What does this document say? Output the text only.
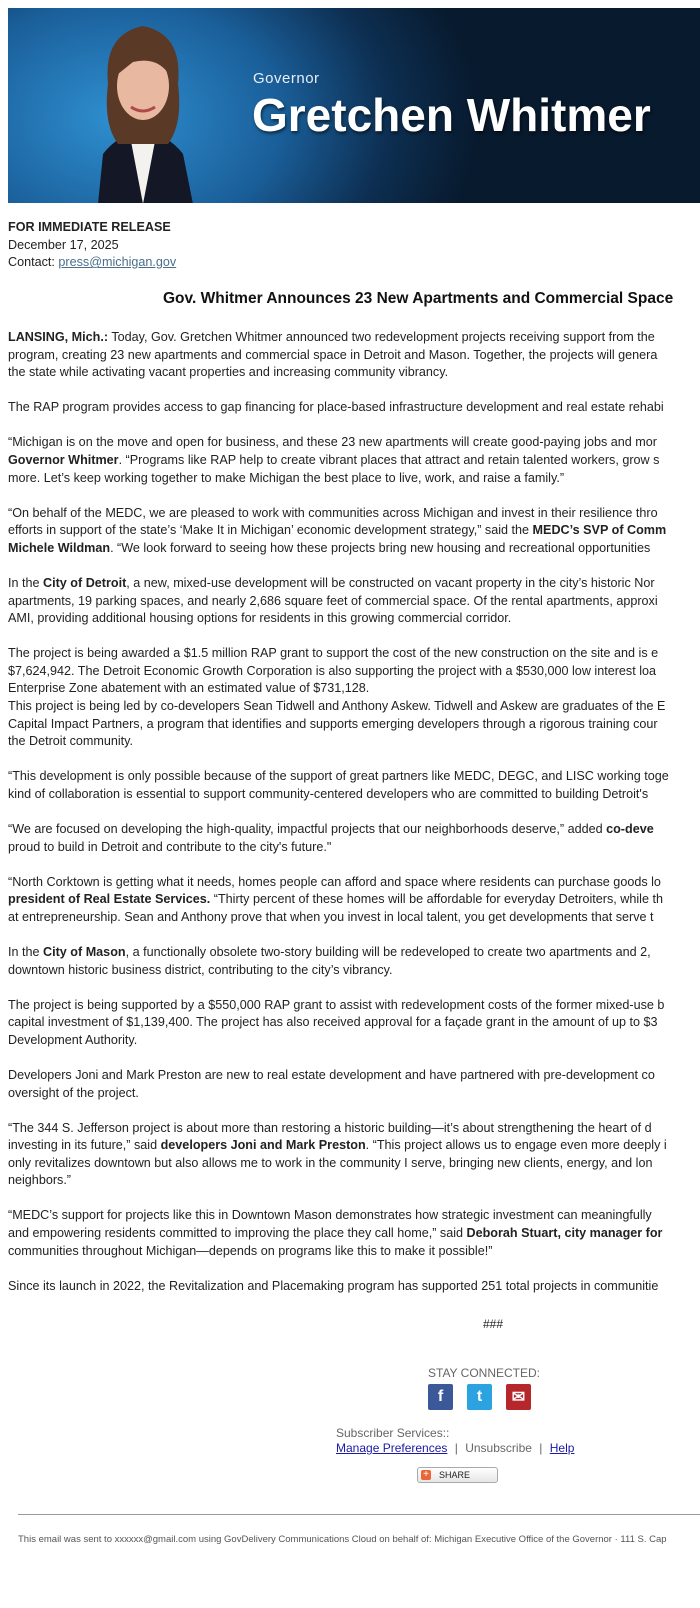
Governor
Gretchen Whitmer
FOR IMMEDIATE RELEASE
December 17, 2025
Contact: press@michigan.gov
Gov. Whitmer Announces 23 New Apartments and Commercial Space
LANSING, Mich.: Today, Gov. Gretchen Whitmer announced two redevelopment projects receiving support from the
program, creating 23 new apartments and commercial space in Detroit and Mason. Together, the projects will genera
the state while activating vacant properties and increasing community vibrancy.
The RAP program provides access to gap financing for place-based infrastructure development and real estate rehabi
“Michigan is on the move and open for business, and these 23 new apartments will create good-paying jobs and mor
Governor Whitmer. “Programs like RAP help to create vibrant places that attract and retain talented workers, grow s
more. Let’s keep working together to make Michigan the best place to live, work, and raise a family.”
“On behalf of the MEDC, we are pleased to work with communities across Michigan and invest in their resilience thro
efforts in support of the state’s ‘Make It in Michigan’ economic development strategy,” said the MEDC’s SVP of Comm
Michele Wildman. “We look forward to seeing how these projects bring new housing and recreational opportunities
In the City of Detroit, a new, mixed-use development will be constructed on vacant property in the city’s historic Nor
apartments, 19 parking spaces, and nearly 2,686 square feet of commercial space. Of the rental apartments, approxi
AMI, providing additional housing options for residents in this growing commercial corridor.
The project is being awarded a $1.5 million RAP grant to support the cost of the new construction on the site and is e
$7,624,942. The Detroit Economic Growth Corporation is also supporting the project with a $530,000 low interest loa
Enterprise Zone abatement with an estimated value of $731,128.
This project is being led by co-developers Sean Tidwell and Anthony Askew. Tidwell and Askew are graduates of the E
Capital Impact Partners, a program that identifies and supports emerging developers through a rigorous training cour
the Detroit community.
“This development is only possible because of the support of great partners like MEDC, DEGC, and LISC working toge
kind of collaboration is essential to support community-centered developers who are committed to building Detroit's
“We are focused on developing the high-quality, impactful projects that our neighborhoods deserve,” added co-deve
proud to build in Detroit and contribute to the city's future."
“North Corktown is getting what it needs, homes people can afford and space where residents can purchase goods lo
president of Real Estate Services. “Thirty percent of these homes will be affordable for everyday Detroiters, while th
at entrepreneurship. Sean and Anthony prove that when you invest in local talent, you get developments that serve t
In the City of Mason, a functionally obsolete two-story building will be redeveloped to create two apartments and 2,
downtown historic business district, contributing to the city’s vibrancy.
The project is being supported by a $550,000 RAP grant to assist with redevelopment costs of the former mixed-use b
capital investment of $1,139,400. The project has also received approval for a façade grant in the amount of up to $3
Development Authority.
Developers Joni and Mark Preston are new to real estate development and have partnered with pre-development co
oversight of the project.
“The 344 S. Jefferson project is about more than restoring a historic building—it’s about strengthening the heart of d
investing in its future,” said developers Joni and Mark Preston. “This project allows us to engage even more deeply i
only revitalizes downtown but also allows me to work in the community I serve, bringing new clients, energy, and lon
neighbors.”
“MEDC’s support for projects like this in Downtown Mason demonstrates how strategic investment can meaningfully
and empowering residents committed to improving the place they call home,” said Deborah Stuart, city manager for
communities throughout Michigan—depends on programs like this to make it possible!”
Since its launch in 2022, the Revitalization and Placemaking program has supported 251 total projects in communitie
###
STAY CONNECTED:
f	t	✉
Subscriber Services::
Manage Preferences | Unsubscribe | Help
+ SHARE
This email was sent to xxxxxx@gmail.com using GovDelivery Communications Cloud on behalf of: Michigan Executive Office of the Governor · 111 S. Cap
